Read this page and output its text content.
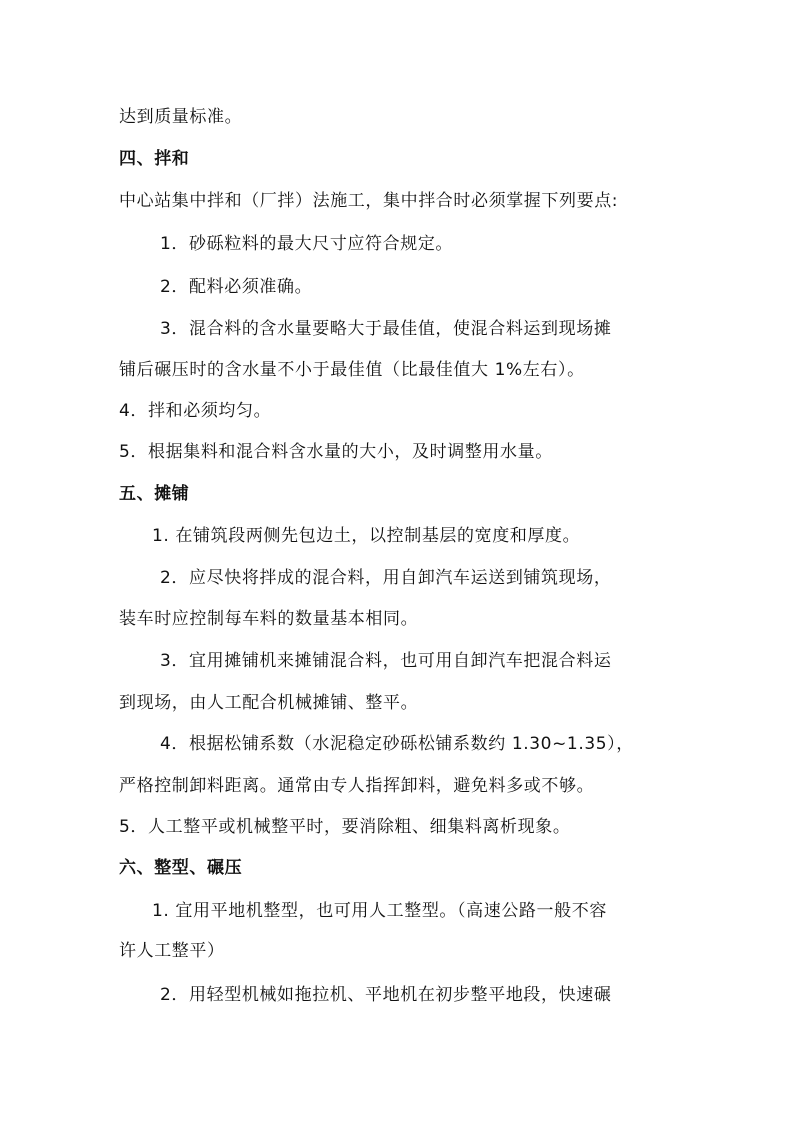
达到质量标准。
四、拌和
中心站集中拌和（厂拌）法施工，集中拌合时必须掌握下列要点:
1．砂砾粒料的最大尺寸应符合规定。
2．配料必须准确。
3．混合料的含水量要略大于最佳值，使混合料运到现场摊
铺后碾压时的含水量不小于最佳值（比最佳值大 1%左右）。
4．拌和必须均匀。
5．根据集料和混合料含水量的大小，及时调整用水量。
五、摊铺
1. 在铺筑段两侧先包边土，以控制基层的宽度和厚度。
2．应尽快将拌成的混合料，用自卸汽车运送到铺筑现场，
装车时应控制每车料的数量基本相同。
3．宜用摊铺机来摊铺混合料，也可用自卸汽车把混合料运
到现场，由人工配合机械摊铺、整平。
4．根据松铺系数（水泥稳定砂砾松铺系数约 1.30~1.35），
严格控制卸料距离。通常由专人指挥卸料，避免料多或不够。
5．人工整平或机械整平时，要消除粗、细集料离析现象。
六、整型、碾压
1. 宜用平地机整型，也可用人工整型。（高速公路一般不容
许人工整平）
2．用轻型机械如拖拉机、平地机在初步整平地段，快速碾
